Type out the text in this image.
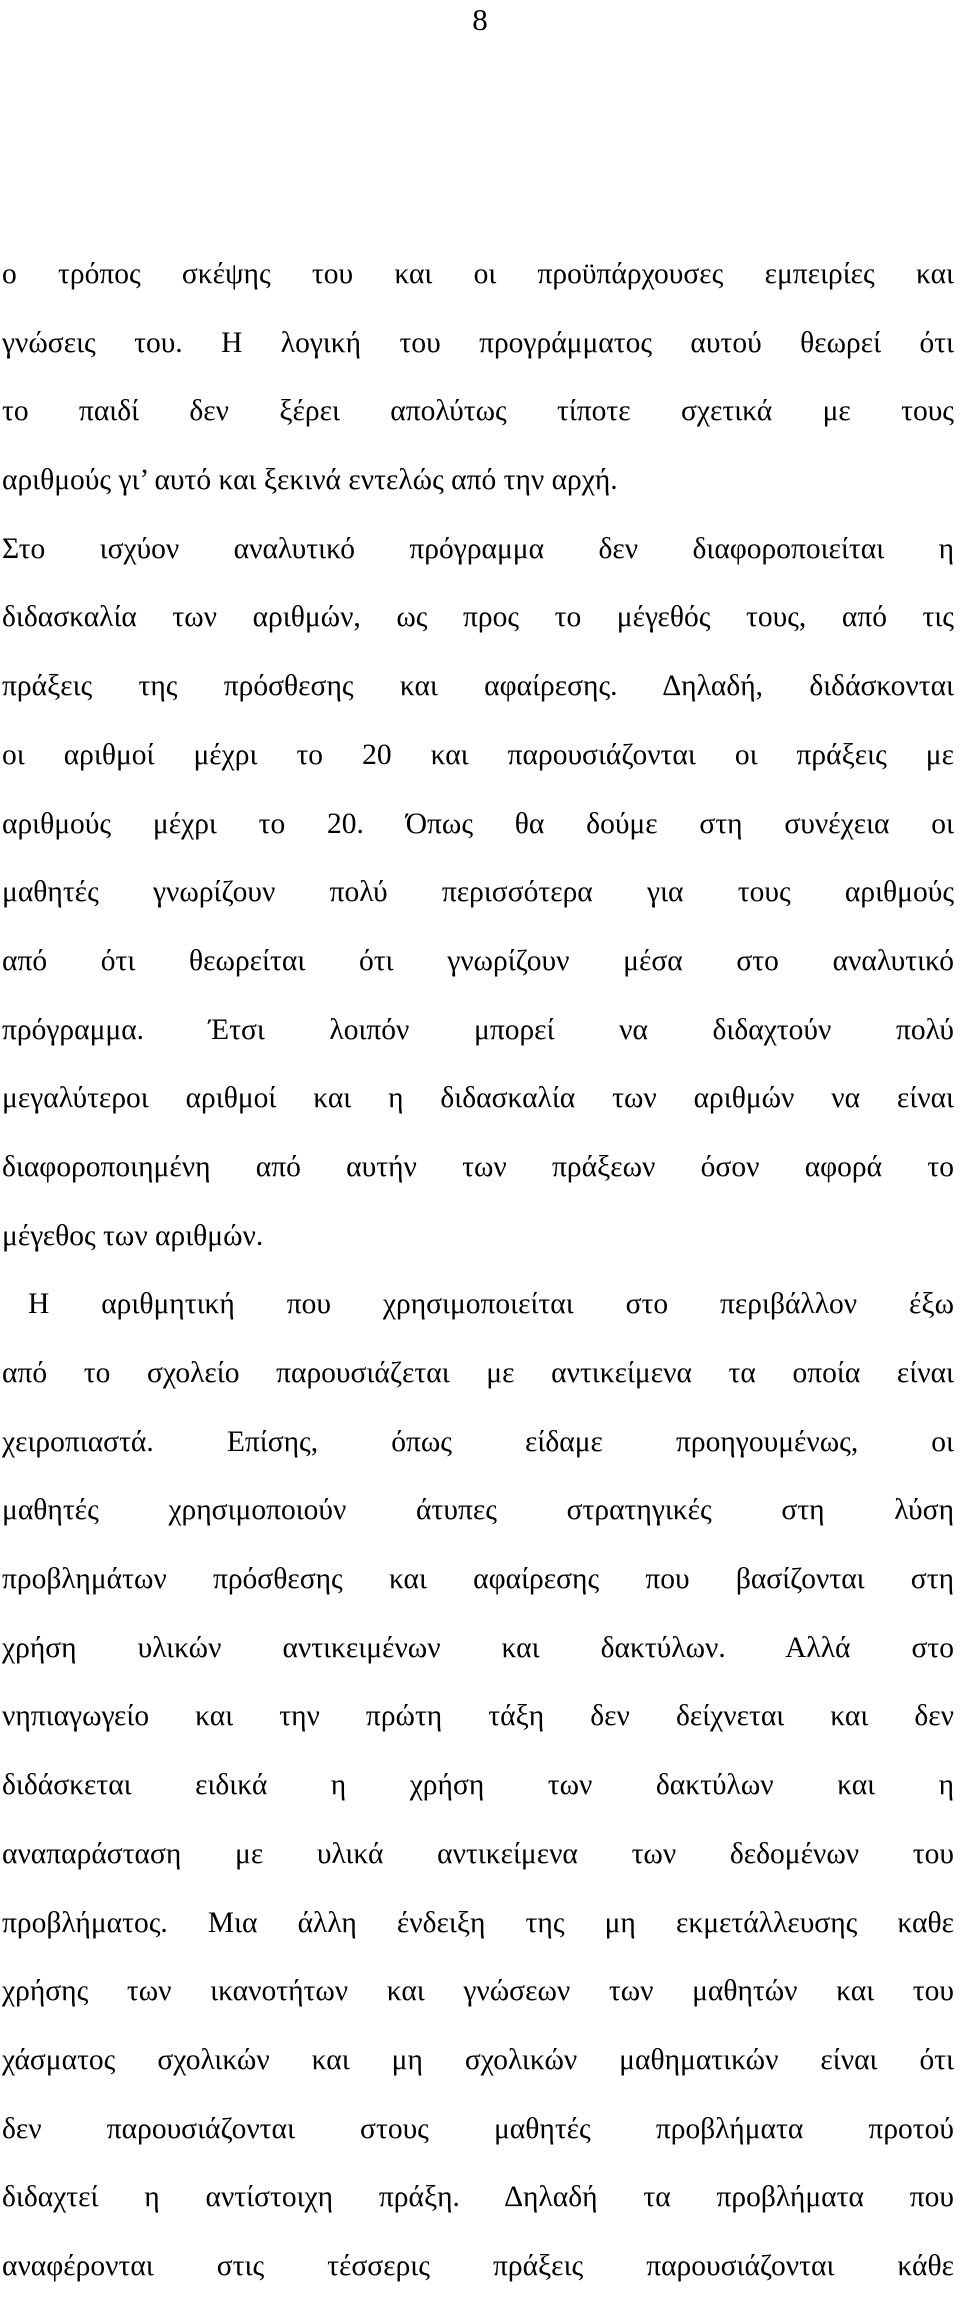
8
ο τρόπος σκέψης του και οι προϋπάρχουσες εμπειρίες και
γνώσεις του. Η λογική του προγράμματος αυτού θεωρεί ότι
το παιδί δεν ξέρει απολύτως τίποτε σχετικά με τους
αριθμούς γι’ αυτό και ξεκινά εντελώς από την αρχή.
Στο ισχύον αναλυτικό πρόγραμμα δεν διαφοροποιείται η
διδασκαλία των αριθμών, ως προς το μέγεθός τους, από τις
πράξεις της πρόσθεσης και αφαίρεσης. Δηλαδή, διδάσκονται
οι αριθμοί μέχρι το 20 και παρουσιάζονται οι πράξεις με
αριθμούς μέχρι το 20. Όπως θα δούμε στη συνέχεια οι
μαθητές γνωρίζουν πολύ περισσότερα για τους αριθμούς
από ότι θεωρείται ότι γνωρίζουν μέσα στο αναλυτικό
πρόγραμμα. Έτσι λοιπόν μπορεί να διδαχτούν πολύ
μεγαλύτεροι αριθμοί και η διδασκαλία των αριθμών να είναι
διαφοροποιημένη από αυτήν των πράξεων όσον αφορά το
μέγεθος των αριθμών.
Η αριθμητική που χρησιμοποιείται στο περιβάλλον έξω
από το σχολείο παρουσιάζεται με αντικείμενα τα οποία είναι
χειροπιαστά. Επίσης, όπως είδαμε προηγουμένως, οι
μαθητές χρησιμοποιούν άτυπες στρατηγικές στη λύση
προβλημάτων πρόσθεσης και αφαίρεσης που βασίζονται στη
χρήση υλικών αντικειμένων και δακτύλων. Αλλά στο
νηπιαγωγείο και την πρώτη τάξη δεν δείχνεται και δεν
διδάσκεται ειδικά η χρήση των δακτύλων και η
αναπαράσταση με υλικά αντικείμενα των δεδομένων του
προβλήματος. Μια άλλη ένδειξη της μη εκμετάλλευσης καθε
χρήσης των ικανοτήτων και γνώσεων των μαθητών και του
χάσματος σχολικών και μη σχολικών μαθηματικών είναι ότι
δεν παρουσιάζονται στους μαθητές προβλήματα προτού
διδαχτεί η αντίστοιχη πράξη. Δηλαδή τα προβλήματα που
αναφέρονται στις τέσσερις πράξεις παρουσιάζονται κάθε
